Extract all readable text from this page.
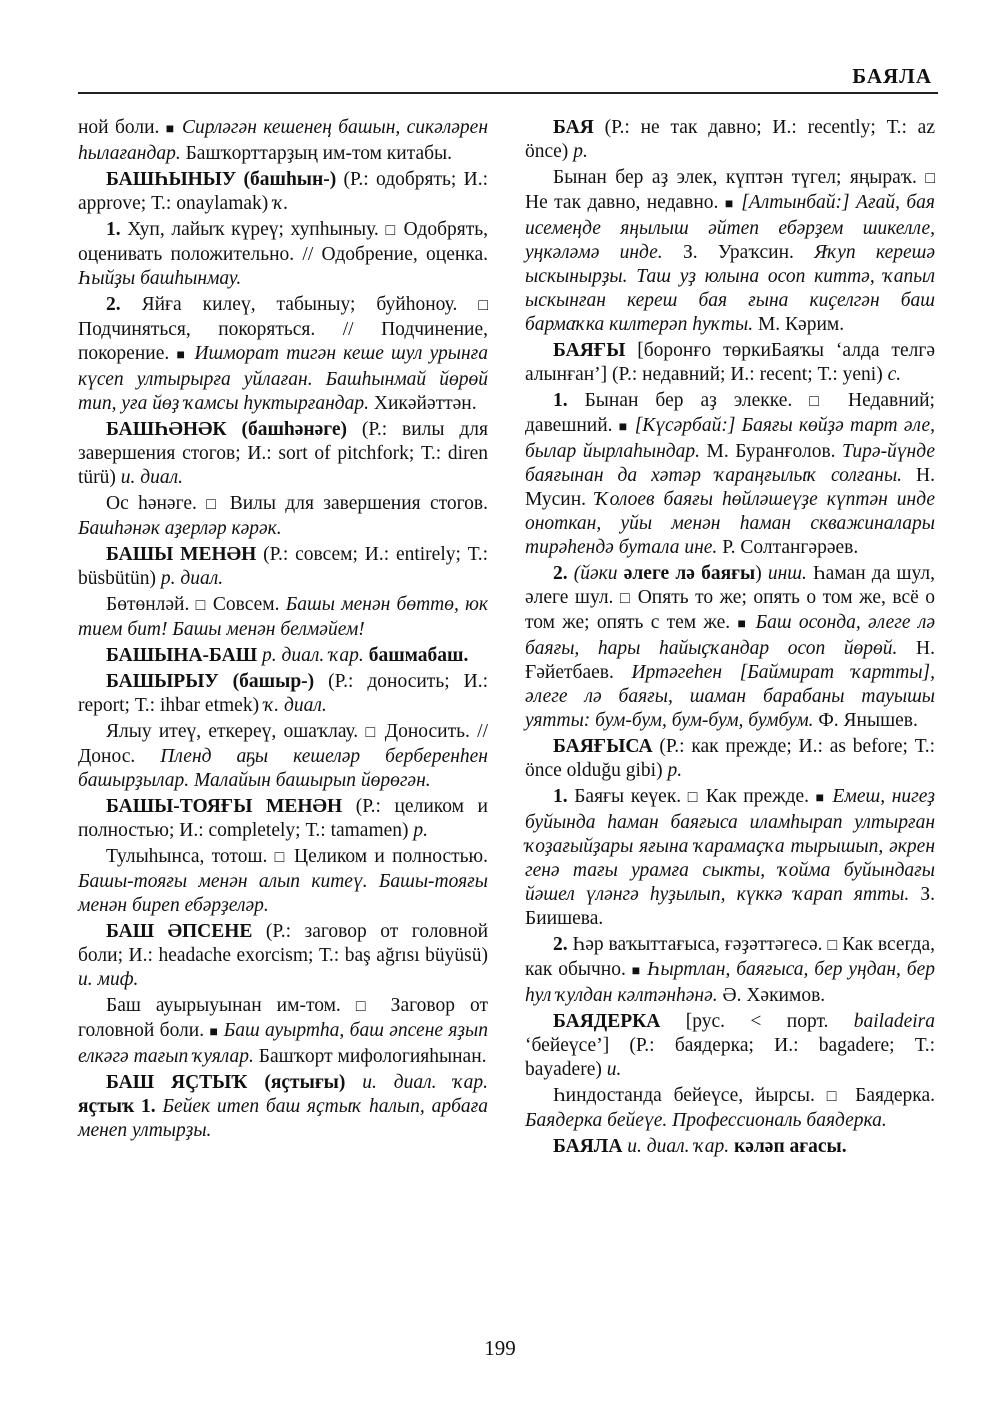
БАЯЛА

ной боли. ■ Сирләгән кешенең башын, сикәләрен һылағандар. Башҡорттарҙың им-том китабы.

БАШҺЫНЫУ (башһын-) (Р.: одобрять; И.: approve; Т.: onaylamak) ҡ.

1. Хуп, лайыҡ күреү; хупһыныу. □ Одобрять, оценивать положительно. // Одобрение, оценка. Һыйҙы башһынмау.

2. Яйға килеү, табыныу; буйһоноу. □ Подчиняться, покоряться. // Подчинение, покорение. ■ Ишморат тигән кеше шул урынға күсеп ултырырға уйлаған. Башһынмай йөрөй тип, уға йөҙ ҡамсы һуктырғандар. Хикәйәттән.

БАШҺӘНӘК (башһәнәге) (Р.: вилы для завершения стогов; И.: sort of pitchfork; Т.: diren türü) и. диал.

Ос һәнәге. □ Вилы для завершения стогов. Башһәнәк аҙерләр кәрәк.

БАШЫ МЕНӘН (Р.: совсем; И.: entirely; Т.: büsbütün) р. диал.

Бөтөнләй. □ Совсем. Башы менән бөттө, юк тием бит! Башы менән белмәйем!

БАШЫНА-БАШ р. диал. ҡар. башмабаш.

БАШЫРЫУ (башыр-) (Р.: доносить; И.: report; Т.: ihbar etmek) ҡ. диал.

Ялыу итеү, еткереү, ошаҡлау. □ Доносить. // Донос. Пленд аҕы кешеләр берберенһен башырҙылар. Малайын башырып йөрөгән.

БАШЫ-ТОЯҒЫ МЕНӘН (Р.: целиком и полностью; И.: completely; Т.: tamamen) р.

Тулыһынса, тотош. □ Целиком и полностью. Башы-тояғы менән алып китеү. Башы-тояғы менән биреп ебәрҙеләр.

БАШ ӘПСЕНЕ (Р.: заговор от головной боли; И.: headache exorcism; Т.: baş ağrısı büyüsü) и. миф.

Баш ауырыуынан им-том. □ Заговор от головной боли. ■ Баш ауыртһа, баш әпсене яҙып елкәгә тағып ҡуялар. Башҡорт мифологияһынан.

БАШ ЯҪТЫҠ (яҫтығы) и. диал. ҡар. яҫтыҡ 1. Бейек итеп баш яҫтыҡ һалып, арбаға менеп ултырҙы.

БАЯ (Р.: не так давно; И.: recently; Т.: az önce) р.

Бынан бер аҙ элек, күптән түгел; яңыраҡ. □ Не так давно, недавно. ■ [Алтынбай:] Ағай, бая исемеңде яңылыш әйтеп ебәрҙем шикелле, уңкәләмә инде. З. Ураҡсин. Яҡуп керешә ыскынырҙы. Таш уҙ юлына осоп киттә, ҡапыл ыскынған кереш бая ғына киҫелгән баш бармаҡка килтерәп һуҡты. М. Кәрим.

БАЯҒЫ [боронғо төркиБаяҡы ‘алда телгә алынған’] (Р.: недавний; И.: recent; Т.: yeni) с.

1. Бынан бер аҙ элекке. □ Недавний; давешний. ■ [Күсәрбай:] Баяғы көйҙә тарт әле, былар йырлаһындар. М. Буранғолов. Тирә-йүнде баяғынан да хәтәр ҡараңғылыҡ солғаны. Н. Мусин. Ҡолоев баяғы һөйләшеүҙе күптән инде оноткан, уйы менән һаман скважиналары тирәһендә бутала ине. Р. Солтангәрәев.

2. (йәки әлеге лә баяғы) инш. Һаман да шул, әлеге шул. □ Опять то же; опять о том же, всё о том же; опять с тем же. ■ Баш осонда, әлеге лә баяғы, һары һайыҫҡандар осоп йөрөй. Н. Ғәйетбаев. Иртәгеһен [Баймират ҡартты], әлеге лә баяғы, шаман барабаны тауышы уятты: бум-бум, бум-бум, бумбум. Ф. Янышев.

БАЯҒЫСА (Р.: как прежде; И.: as before; Т.: önce olduğu gibi) р.

1. Баяғы кеүек. □ Как прежде. ■ Емеш, нигеҙ буйында һаман баяғыса иламһырап ултырған ҡоҙағыйҙары яғына ҡарамаҫҡа тырышып, әкрен генә тағы урамға сыкты, ҡойма буйындағы йәшел үләнгә һуҙылып, күккә ҡарап ятты. З. Биишева.

2. Һәр ваҡыттағыса, ғәҙәттәгесә. □ Как всегда, как обычно. ■ Һыртлан, баяғыса, бер уңдан, бер һул ҡулдан кәлтәнһәнә. Ә. Хәкимов.

БАЯДЕРКА [рус. < порт. bailadeira ‘бейеүсе’] (Р.: баядерка; И.: bagadere; Т.: bayadere) и.

Һиндостанда бейеүсе, йырсы. □ Баядерка. Баядерка бейеүе. Профессиональ баядерка.

БАЯЛА и. диал. ҡар. кәләп ағасы.

199
